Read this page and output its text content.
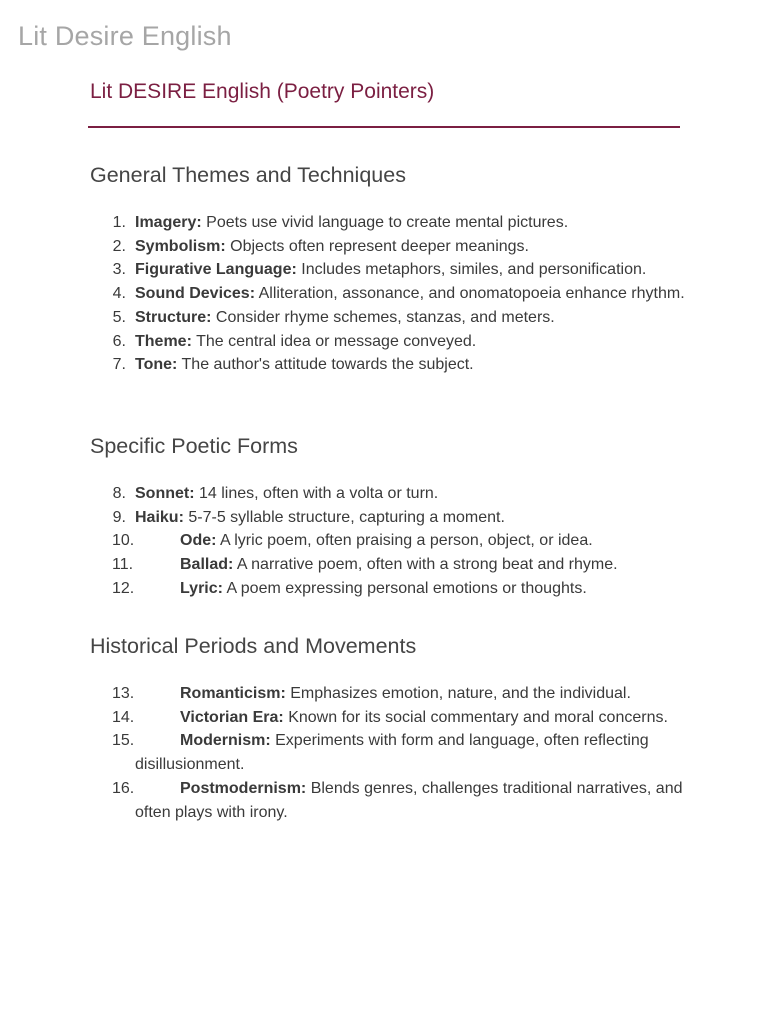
Lit Desire English
Lit DESIRE English (Poetry Pointers)
General Themes and Techniques
1. Imagery: Poets use vivid language to create mental pictures.
2. Symbolism: Objects often represent deeper meanings.
3. Figurative Language: Includes metaphors, similes, and personification.
4. Sound Devices: Alliteration, assonance, and onomatopoeia enhance rhythm.
5. Structure: Consider rhyme schemes, stanzas, and meters.
6. Theme: The central idea or message conveyed.
7. Tone: The author's attitude towards the subject.
Specific Poetic Forms
8. Sonnet: 14 lines, often with a volta or turn.
9. Haiku: 5-7-5 syllable structure, capturing a moment.
10.	Ode: A lyric poem, often praising a person, object, or idea.
11.	Ballad: A narrative poem, often with a strong beat and rhyme.
12.	Lyric: A poem expressing personal emotions or thoughts.
Historical Periods and Movements
13.	Romanticism: Emphasizes emotion, nature, and the individual.
14.	Victorian Era: Known for its social commentary and moral concerns.
15.	Modernism: Experiments with form and language, often reflecting disillusionment.
16.	Postmodernism: Blends genres, challenges traditional narratives, and often plays with irony.
